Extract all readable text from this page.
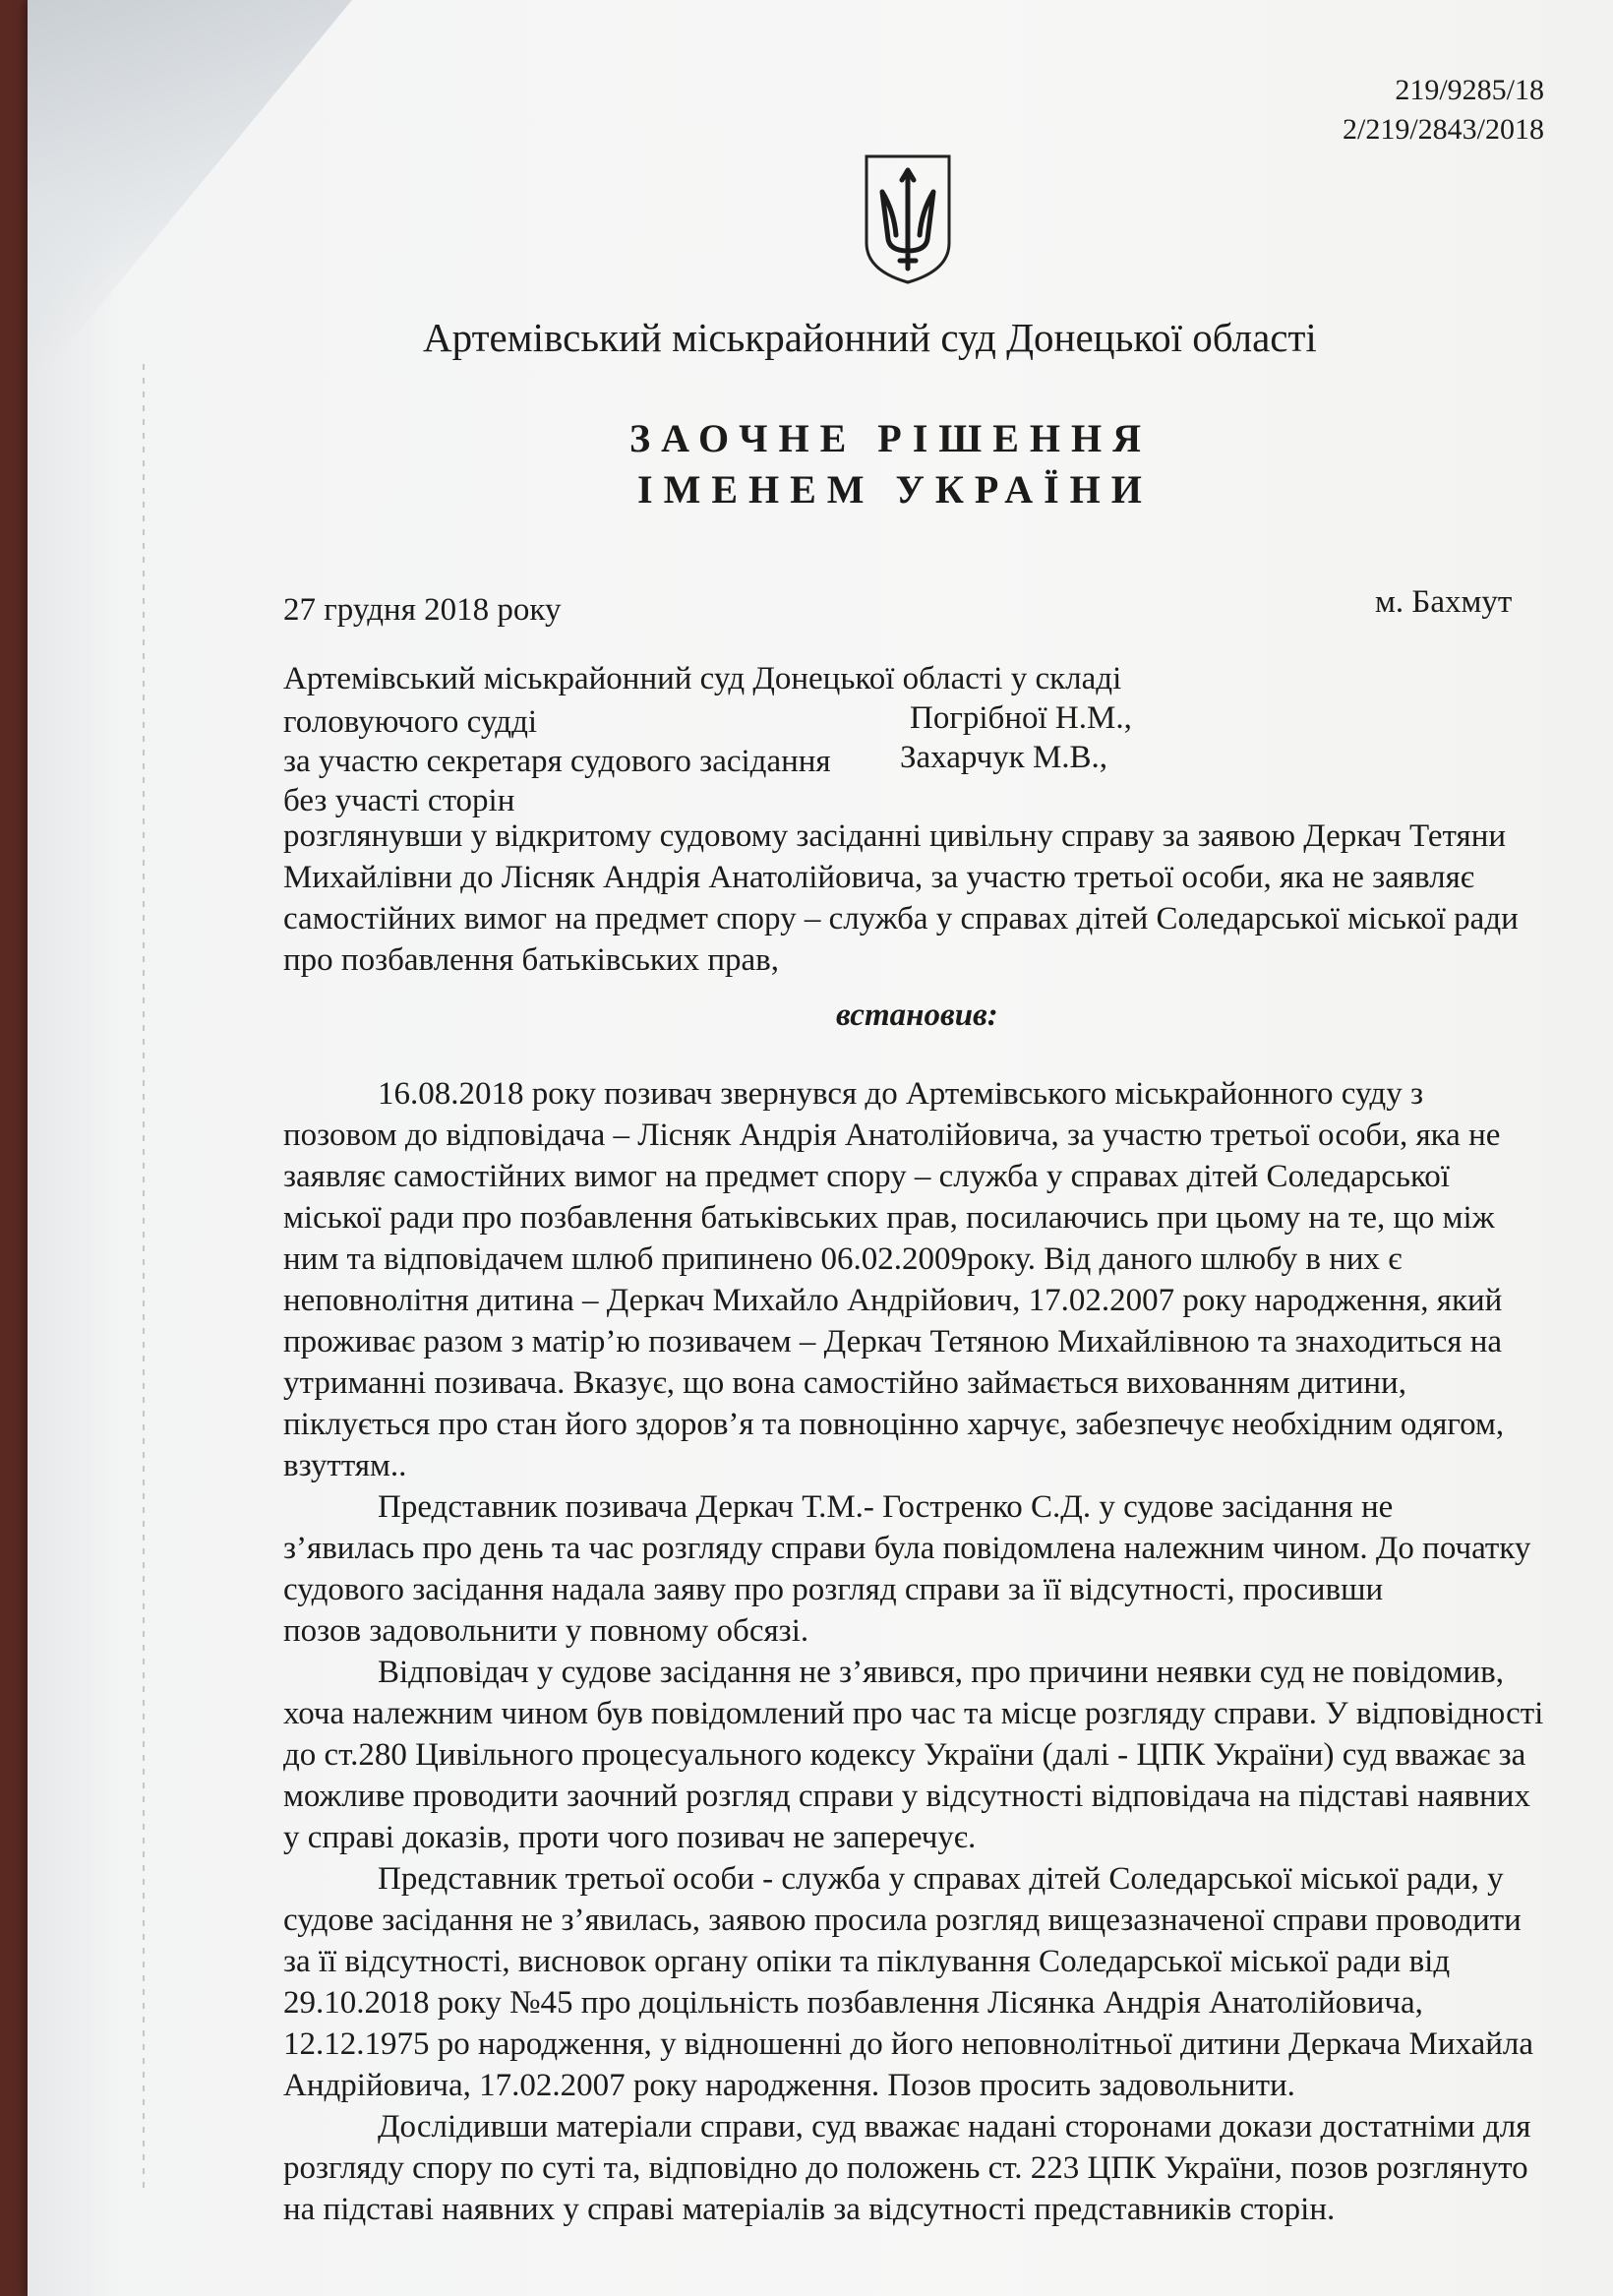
219/9285/18
2/219/2843/2018
Артемівський міськрайонний суд Донецької області
ЗАОЧНЕ РІШЕННЯ
ІМЕНЕМ УКРАЇНИ
27 грудня 2018 року	м. Бахмут
Артемівський міськрайонний суд Донецької області у складі
головуючого судді	Погрібної Н.М.,
за участю секретаря судового засідання Захарчук М.В.,
без участі сторін
розглянувши у відкритому судовому засіданні цивільну справу за заявою Деркач Тетяни
Михайлівни до Лісняк Андрія Анатолійовича, за участю третьої особи, яка не заявляє
самостійних вимог на предмет спору – служба у справах дітей Соледарської міської ради
про позбавлення батьківських прав,
встановив:
16.08.2018 року позивач звернувся до Артемівського міськрайонного суду з
позовом до відповідача – Лісняк Андрія Анатолійовича, за участю третьої особи, яка не
заявляє самостійних вимог на предмет спору – служба у справах дітей Соледарської
міської ради про позбавлення батьківських прав, посилаючись при цьому на те, що між
ним та відповідачем шлюб припинено 06.02.2009року. Від даного шлюбу в них є
неповнолітня дитина – Деркач Михайло Андрійович, 17.02.2007 року народження, який
проживає разом з матір’ю позивачем – Деркач Тетяною Михайлівною та знаходиться на
утриманні позивача. Вказує, що вона самостійно займається вихованням дитини,
піклується про стан його здоров’я та повноцінно харчує, забезпечує необхідним одягом,
взуттям..
Представник позивача Деркач Т.М.- Гостренко С.Д. у судове засідання не
з’явилась про день та час розгляду справи була повідомлена належним чином. До початку
судового засідання надала заяву про розгляд справи за її відсутності, просивши
позов задовольнити у повному обсязі.
Відповідач у судове засідання не з’явився, про причини неявки суд не повідомив,
хоча належним чином був повідомлений про час та місце розгляду справи. У відповідності
до ст.280 Цивільного процесуального кодексу України (далі - ЦПК України) суд вважає за
можливе проводити заочний розгляд справи у відсутності відповідача на підставі наявних
у справі доказів, проти чого позивач не заперечує.
Представник третьої особи - служба у справах дітей Соледарської міської ради, у
судове засідання не з’явилась, заявою просила розгляд вищезазначеної справи проводити
за її відсутності, висновок органу опіки та піклування Соледарської міської ради від
29.10.2018 року №45 про доцільність позбавлення Лісянка Андрія Анатолійовича,
12.12.1975 ро народження, у відношенні до його неповнолітньої дитини Деркача Михайла
Андрійовича, 17.02.2007 року народження. Позов просить задовольнити.
Дослідивши матеріали справи, суд вважає надані сторонами докази достатніми для
розгляду спору по суті та, відповідно до положень ст. 223 ЦПК України, позов розглянуто
на підставі наявних у справі матеріалів за відсутності представників сторін.
